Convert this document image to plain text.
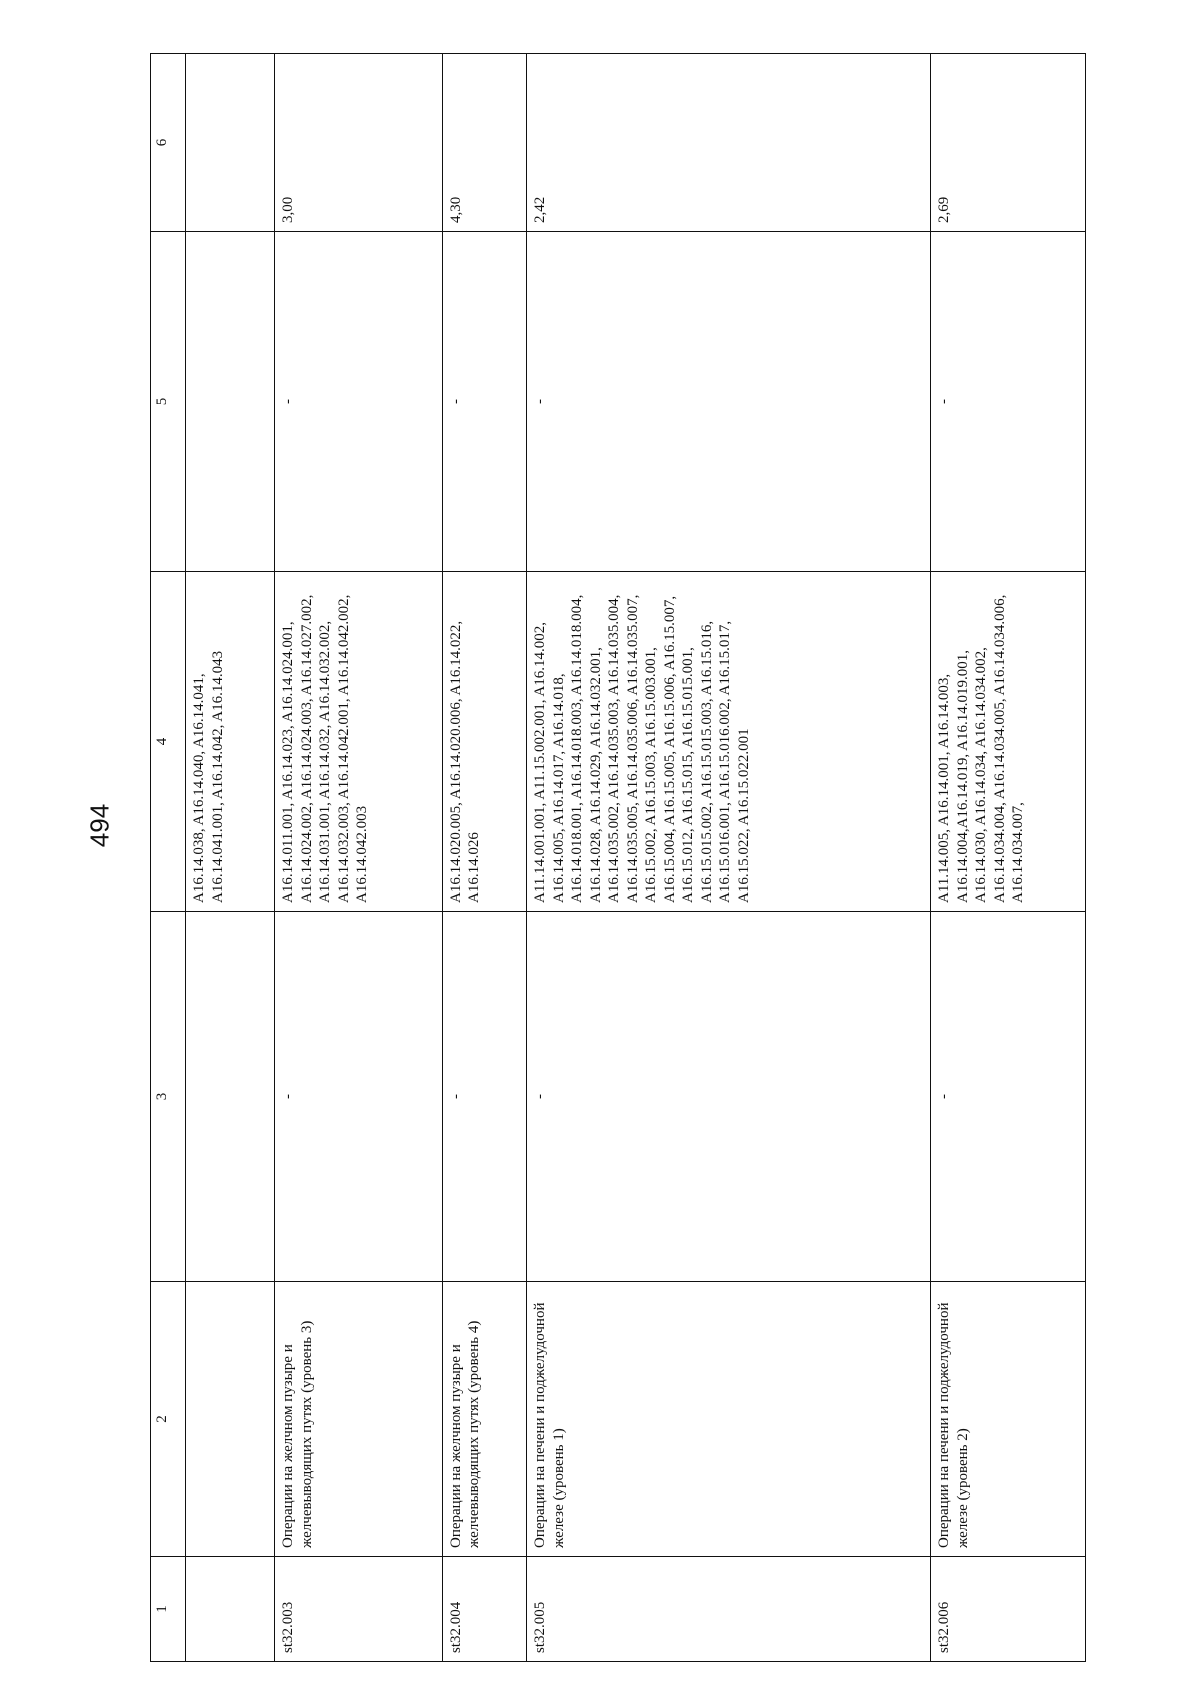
494
1	2	3	4	5	6
			A16.14.038, A16.14.040, A16.14.041, A16.14.041.001, A16.14.042, A16.14.043		
st32.003	Операции на желчном пузыре и желчевыводящих путях (уровень 3)	-	A16.14.011.001, A16.14.023, A16.14.024.001, A16.14.024.002, A16.14.024.003, A16.14.027.002, A16.14.031.001, A16.14.032, A16.14.032.002, A16.14.032.003, A16.14.042.001, A16.14.042.002, A16.14.042.003	-	3,00
st32.004	Операции на желчном пузыре и желчевыводящих путях (уровень 4)	-	A16.14.020.005, A16.14.020.006, A16.14.022, A16.14.026	-	4,30
st32.005	Операции на печени и поджелудочной железе (уровень 1)	-	A11.14.001.001, A11.15.002.001, A16.14.002, A16.14.005, A16.14.017, A16.14.018, A16.14.018.001, A16.14.018.003, A16.14.018.004, A16.14.028, A16.14.029, A16.14.032.001, A16.14.035.002, A16.14.035.003, A16.14.035.004, A16.14.035.005, A16.14.035.006, A16.14.035.007, A16.15.002, A16.15.003, A16.15.003.001, A16.15.004, A16.15.005, A16.15.006, A16.15.007, A16.15.012, A16.15.015, A16.15.015.001, A16.15.015.002, A16.15.015.003, A16.15.016, A16.15.016.001, A16.15.016.002, A16.15.017, A16.15.022, A16.15.022.001	-	2,42
st32.006	Операции на печени и поджелудочной железе (уровень 2)	-	A11.14.005, A16.14.001, A16.14.003, A16.14.004,A16.14.019, A16.14.019.001, A16.14.030, A16.14.034, A16.14.034.002, A16.14.034.004, A16.14.034.005, A16.14.034.006, A16.14.034.007,	-	2,69
